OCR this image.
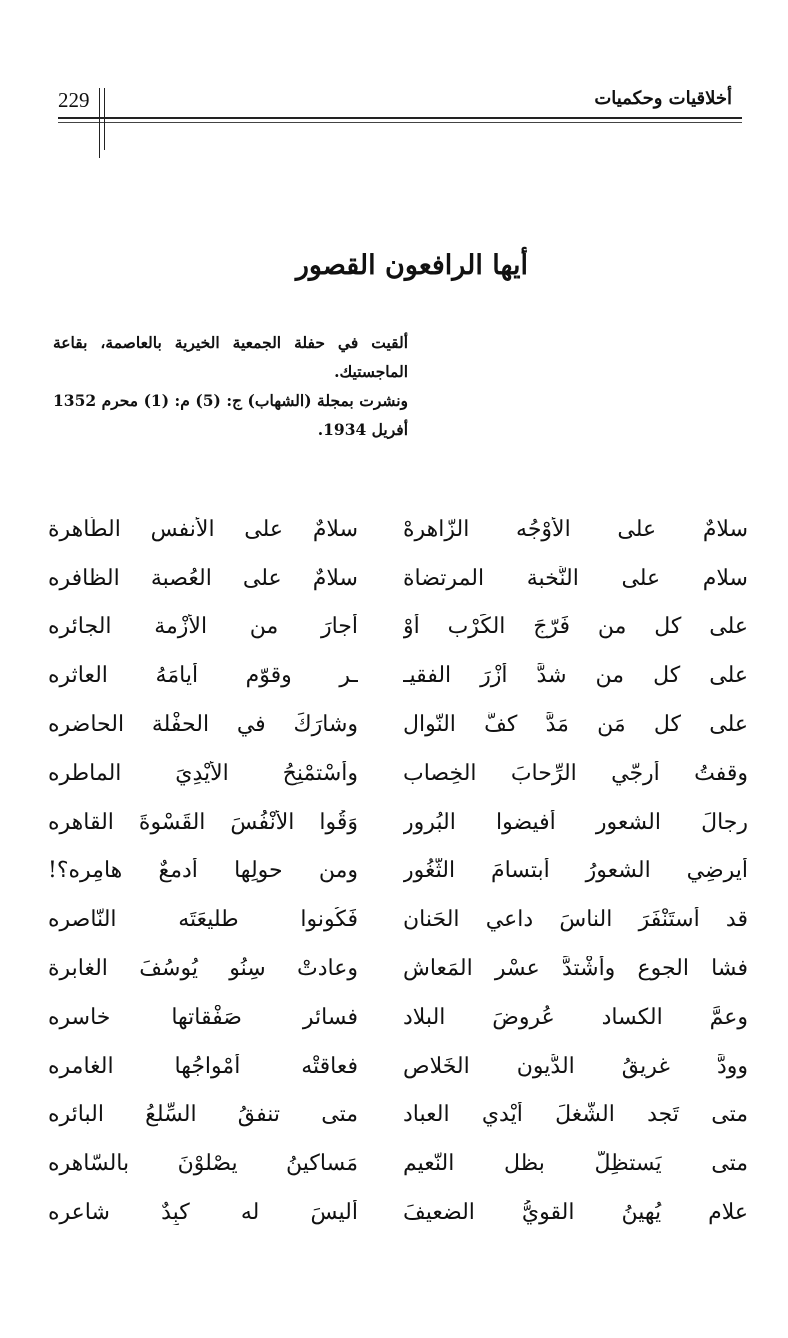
229	أخلاقيات وحكميات
أيها الرافعون القصور

ألقيت في حفلة الجمعية الخيرية بالعاصمة، بقاعة الماجستيك.

ونشرت بمجلة (الشهاب) ج: (5) م: (1) محرم 1352 أفريل 1934.

سلامٌ على الأوْجُه الزّاهرهْ
سلامٌ على الأنفسِ الطّاهرة
سلام على النُّخبة المرتضاة
سلامٌ على العُصبة الظافره
على كل من فَرّجَ الكَرْب أوْ
أجارَ من الأزْمة الجائره
على كل من شدَّ أزْرَ الفقيـ
ـرِ وقوّم أيامَهُ العاثره
على كل مَن مَدَّ كفَّ النّوال
وشارَكَ في الحفْلة الحاضره
وقفتُ أرجّي الرِّحابَ الخِصاب
وأسْتمْنِحُ الأيْدِيَ الماطره
رجالَ الشعور أفيضوا البُرور
وَقُوا الأنْفُسَ القَسْوةَ القاهره
أيرضِي الشعورُ أبتسامَ الثُّغُور
ومن حولِها أدمعٌ هامِره؟!
قد أستَنْفَرَ الناسَ داعي الحَنان
فَكُونوا طليعَتَه النّاصره
فشا الجوع وأشْتدَّ عسْر المَعاش
وعادتْ سِنُو يُوسُفَ الغابرة
وعمَّ الكساد عُروضَ البلاد
فسائر صَفْقاتها خاسره
وودَّ غريقُ الدُّيون الخَلاص
فعاقتْه أمْواجُها الغامره
متى تَجد الشُّغلَ أيْدي العباد
متى تنفقُ السِّلعُ البائره
متى يَستظِلُّ بظل النّعيم
مَساكينُ يصْلوْنَ بالسّاهره
علام يُهينُ القويُّ الضعيفَ
أليسَ له كبِدٌ شاعره
